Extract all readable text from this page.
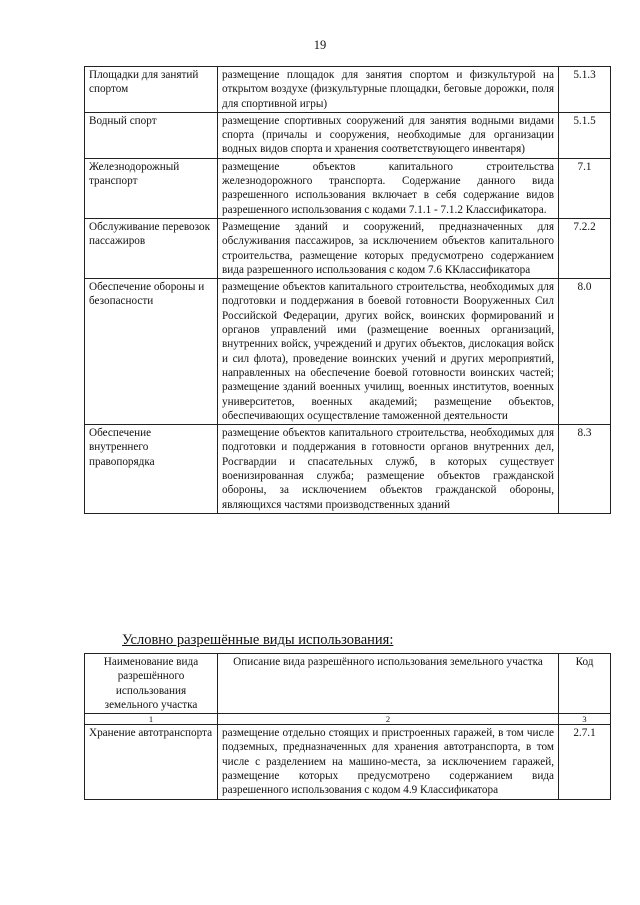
19
Площадки для занятий спортом	размещение площадок для занятия спортом и физкультурой на открытом воздухе (физкультурные площадки, беговые дорожки, поля для спортивной игры)	5.1.3
Водный спорт	размещение спортивных сооружений для занятия водными видами спорта (причалы и сооружения, необходимые для организации водных видов спорта и хранения соответствующего инвентаря)	5.1.5
Железнодорожный транспорт	размещение объектов капитального строительства железнодорожного транспорта. Содержание данного вида разрешенного использования включает в себя содержание видов разрешенного использования с кодами 7.1.1 - 7.1.2 Классификатора.	7.1
Обслуживание перевозок пассажиров	Размещение зданий и сооружений, предназначенных для обслуживания пассажиров, за исключением объектов капитального строительства, размещение которых предусмотрено содержанием вида разрешенного использования с кодом 7.6 ККлассификатора	7.2.2
Обеспечение обороны и безопасности	размещение объектов капитального строительства, необходимых для подготовки и поддержания в боевой готовности Вооруженных Сил Российской Федерации, других войск, воинских формирований и органов управлений ими (размещение военных организаций, внутренних войск, учреждений и других объектов, дислокация войск и сил флота), проведение воинских учений и других мероприятий, направленных на обеспечение боевой готовности воинских частей; размещение зданий военных училищ, военных институтов, военных университетов, военных академий; размещение объектов, обеспечивающих осуществление таможенной деятельности	8.0
Обеспечение внутреннего правопорядка	размещение объектов капитального строительства, необходимых для подготовки и поддержания в готовности органов внутренних дел, Росгвардии и спасательных служб, в которых существует военизированная служба; размещение объектов гражданской обороны, за исключением объектов гражданской обороны, являющихся частями производственных зданий	8.3
Условно разрешённые виды использования:
Наименование вида разрешённого использования земельного участка	Описание вида разрешённого использования земельного участка	Код
1	2	3
Хранение автотранспорта	размещение отдельно стоящих и пристроенных гаражей, в том числе подземных, предназначенных для хранения автотранспорта, в том числе с разделением на машино-места, за исключением гаражей, размещение которых предусмотрено содержанием вида разрешенного использования с кодом 4.9 Классификатора	2.7.1
